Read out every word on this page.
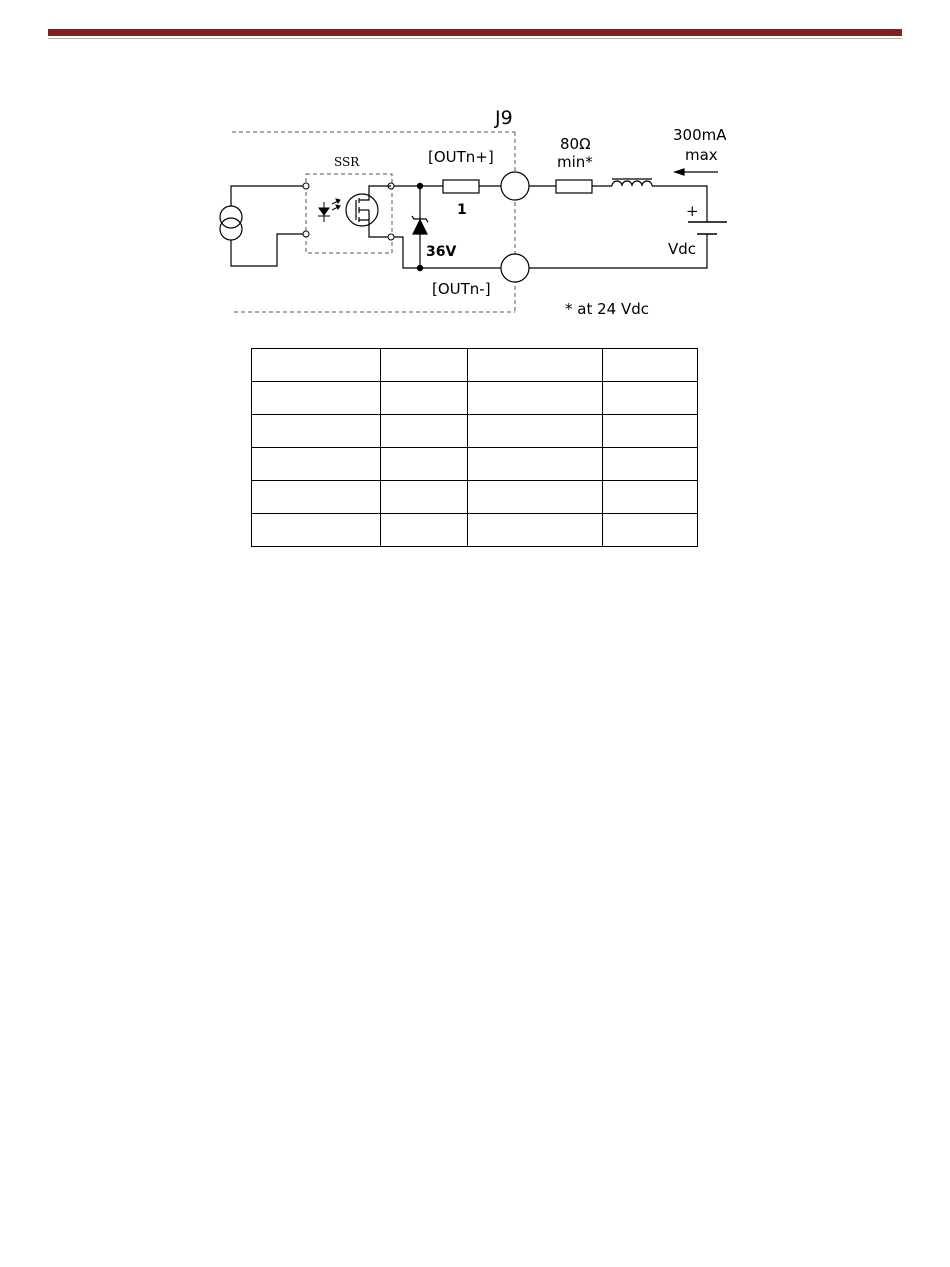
J9
SSR
36V
1
[OUTn+]
[OUTn-]
80Ω
min*
300mA
max
+
Vdc
* at 24 Vdc
